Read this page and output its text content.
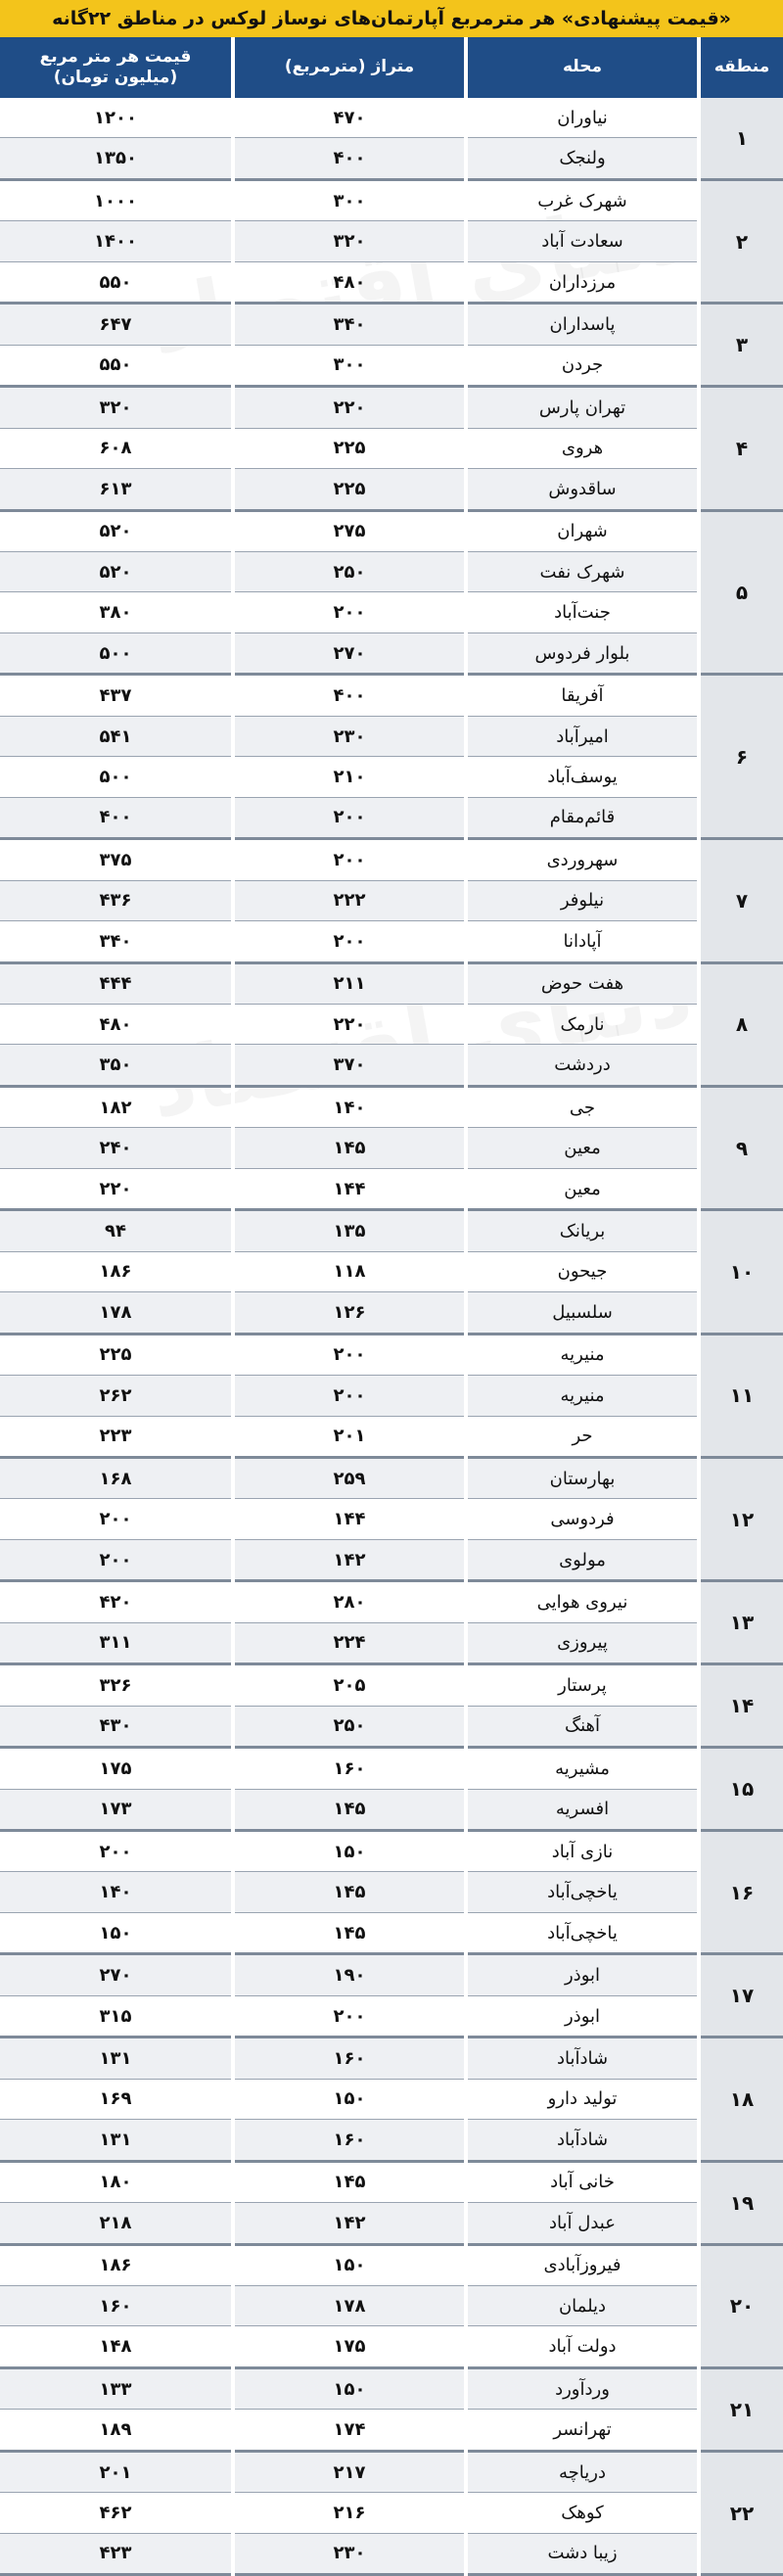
«قیمت پیشنهادی» هر مترمربع آپارتمان‌های نوساز لوکس در مناطق ۲۲گانه
منطقه	محله	متراژ (مترمربع)	قیمت هر متر مربع
(میلیون تومان)

۱	نیاوران	۴۷۰	۱۲۰۰
	ولنجک	۴۰۰	۱۳۵۰
۲	شهرک غرب	۳۰۰	۱۰۰۰
	سعادت آباد	۳۲۰	۱۴۰۰
	مرزداران	۴۸۰	۵۵۰
۳	پاسداران	۳۴۰	۶۴۷
	جردن	۳۰۰	۵۵۰
۴	تهران پارس	۲۲۰	۳۲۰
	هروی	۲۲۵	۶۰۸
	ساقدوش	۲۲۵	۶۱۳
۵	شهران	۲۷۵	۵۲۰
	شهرک نفت	۲۵۰	۵۲۰
	جنت‌آباد	۲۰۰	۳۸۰
	بلوار فردوس	۲۷۰	۵۰۰
۶	آفریقا	۴۰۰	۴۳۷
	امیرآباد	۲۳۰	۵۴۱
	یوسف‌آباد	۲۱۰	۵۰۰
	قائم‌مقام	۲۰۰	۴۰۰
۷	سهروردی	۲۰۰	۳۷۵
	نیلوفر	۲۲۲	۴۳۶
	آپادانا	۲۰۰	۳۴۰
۸	هفت حوض	۲۱۱	۴۴۴
	نارمک	۲۲۰	۴۸۰
	دردشت	۳۷۰	۳۵۰
۹	جی	۱۴۰	۱۸۲
	معین	۱۴۵	۲۴۰
	معین	۱۴۴	۲۲۰
۱۰	بریانک	۱۳۵	۹۴
	جیحون	۱۱۸	۱۸۶
	سلسبیل	۱۲۶	۱۷۸
۱۱	منیریه	۲۰۰	۲۲۵
	منیریه	۲۰۰	۲۶۲
	حر	۲۰۱	۲۲۳
۱۲	بهارستان	۲۵۹	۱۶۸
	فردوسی	۱۴۴	۲۰۰
	مولوی	۱۴۲	۲۰۰
۱۳	نیروی هوایی	۲۸۰	۴۲۰
	پیروزی	۲۲۴	۳۱۱
۱۴	پرستار	۲۰۵	۳۲۶
	آهنگ	۲۵۰	۴۳۰
۱۵	مشیریه	۱۶۰	۱۷۵
	افسریه	۱۴۵	۱۷۳
۱۶	نازی آباد	۱۵۰	۲۰۰
	یاخچی‌آباد	۱۴۵	۱۴۰
	یاخچی‌آباد	۱۴۵	۱۵۰
۱۷	ابوذر	۱۹۰	۲۷۰
	ابوذر	۲۰۰	۳۱۵
۱۸	شادآباد	۱۶۰	۱۳۱
	تولید دارو	۱۵۰	۱۶۹
	شادآباد	۱۶۰	۱۳۱
۱۹	خانی آباد	۱۴۵	۱۸۰
	عبدل آباد	۱۴۲	۲۱۸
۲۰	فیروزآبادی	۱۵۰	۱۸۶
	دیلمان	۱۷۸	۱۶۰
	دولت آباد	۱۷۵	۱۴۸
۲۱	وردآورد	۱۵۰	۱۳۳
	تهرانسر	۱۷۴	۱۸۹
۲۲	دریاچه	۲۱۷	۲۰۱
	کوهک	۲۱۶	۴۶۲
	زیبا دشت	۲۳۰	۴۲۳
